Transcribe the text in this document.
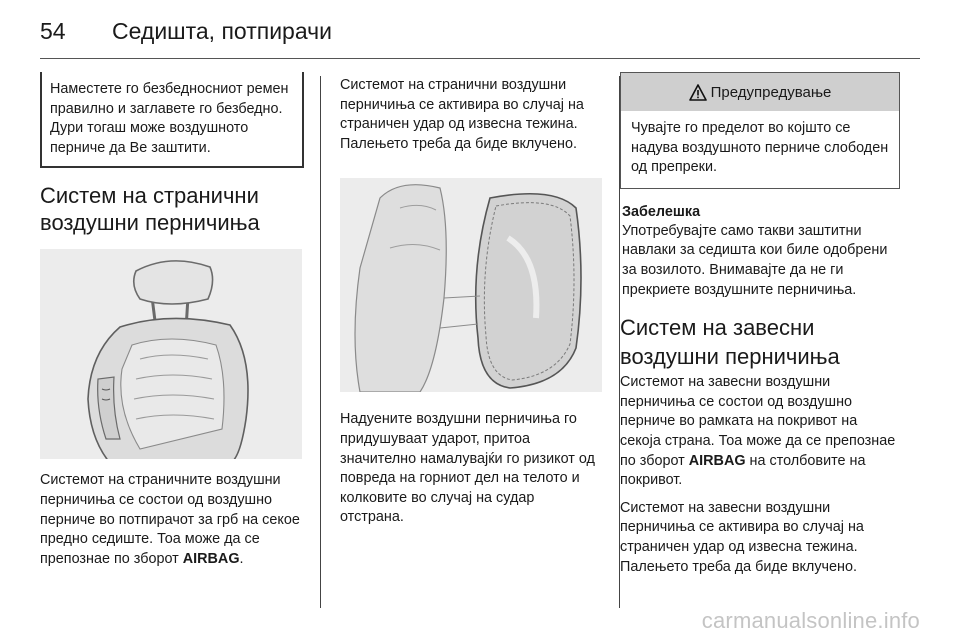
54	Седишта, потпирачи

Наместете го безбедносниот ремен правилно и заглавете го безбедно. Дури тогаш може воздушното перниче да Ве заштити.

Систем на странични
воздушни перничиња

Системот на страничните воздушни перничиња се состои од воздушно перниче во потпирачот за грб на секое предно седиште. Тоа може да се препознае по зборот AIRBAG.

Системот на странични воздушни перничиња се активира во случај на страничен удар од извесна тежина. Палењето треба да биде вклучено.

Надуените воздушни перничиња го придушуваат ударот, притоа значително намалувајќи го ризикот од повреда на горниот дел на телото и колковите во случај на судар отстрана.

Предупредување

Чувајте го пределот во којшто се надува воздушното перниче слободен од препреки.

Забелешка

Употребувајте само такви заштитни навлаки за седишта кои биле одобрени за возилото. Внимавајте да не ги прекриете воздушните перничиња.

Систем на завесни
воздушни перничиња

Системот на завесни воздушни перничиња се состои од воздушно перниче во рамката на покривот на секоја страна. Тоа може да се препознае по зборот AIRBAG на столбовите на покривот.

Системот на завесни воздушни перничиња се активира во случај на страничен удар од извесна тежина. Палењето треба да биде вклучено.

carmanualsonline.info
